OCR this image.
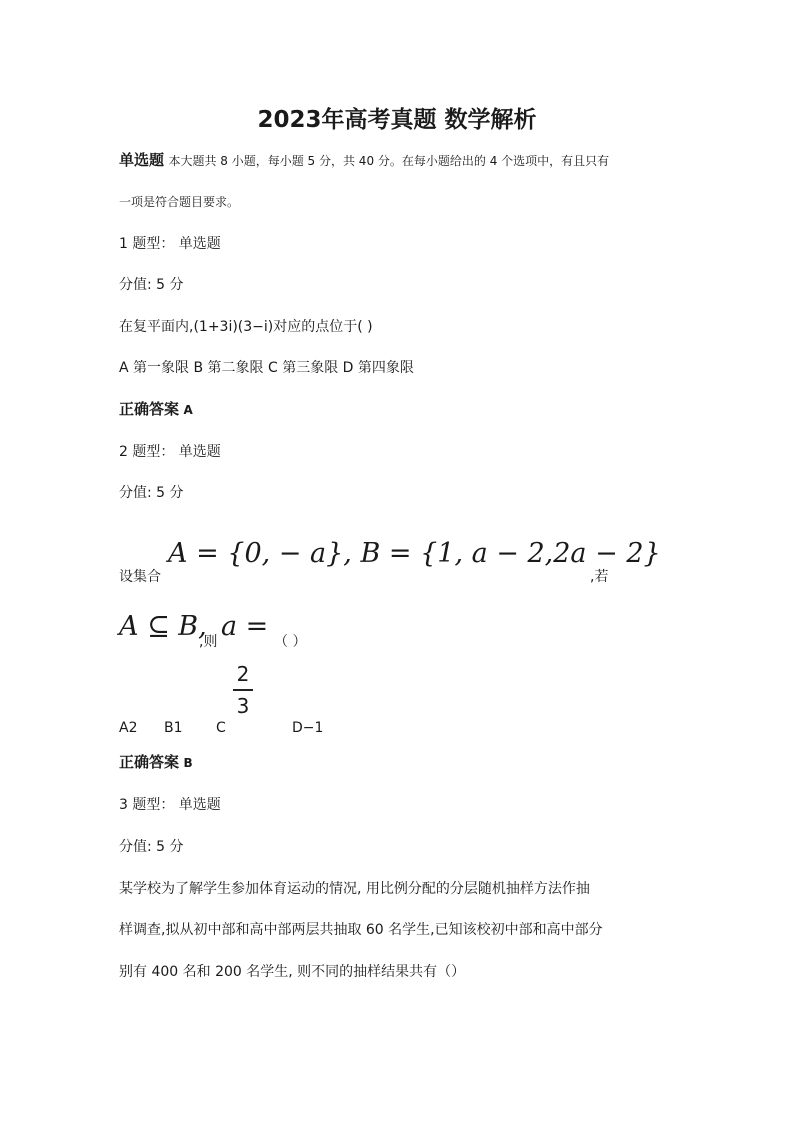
2023年高考真题 数学解析
单选题 本大题共 8 小题，每小题 5 分，共 40 分。在每小题给出的 4 个选项中，有且只有
一项是符合题目要求。
1 题型： 单选题
分值: 5 分
在复平面内,(1+3i)(3−i)对应的点位于( )
A 第一象限 B 第二象限 C 第三象限 D 第四象限
正确答案 A
2 题型： 单选题
分值: 5 分
设集合
A = {0, − a}, B = {1, a − 2,2a − 2}
,若
A ⊆ B,
,则 a = （ ）
A2 B1 C
2
3
D−1
正确答案 B
3 题型： 单选题
分值: 5 分
某学校为了解学生参加体育运动的情况, 用比例分配的分层随机抽样方法作抽
样调查,拟从初中部和高中部两层共抽取 60 名学生,已知该校初中部和高中部分
别有 400 名和 200 名学生, 则不同的抽样结果共有（）
